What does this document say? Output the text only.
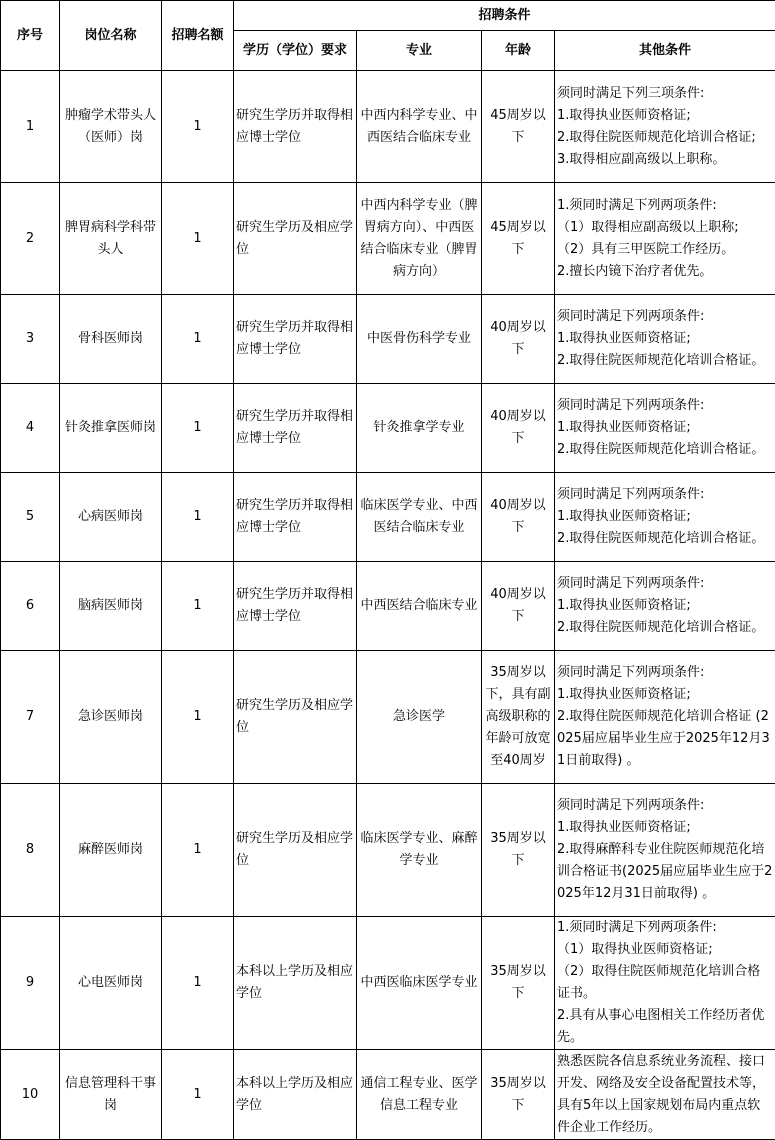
序号	岗位名称	招聘名额	招聘条件			
			学历（学位）要求	专业	年龄	其他条件
1	肿瘤学术带头人（医师）岗	1	研究生学历并取得相应博士学位	中西内科学专业、中西医结合临床专业	45周岁以下	须同时满足下列三项条件:
1.取得执业医师资格证;
2.取得住院医师规范化培训合格证;
3.取得相应副高级以上职称。

2	脾胃病科学科带头人	1	研究生学历及相应学位	中西内科学专业（脾胃病方向）、中西医结合临床专业（脾胃病方向）	45周岁以下	1.须同时满足下列两项条件:
（1）取得相应副高级以上职称;
（2）具有三甲医院工作经历。
2.擅长内镜下治疗者优先。

3	骨科医师岗	1	研究生学历并取得相应博士学位	中医骨伤科学专业	40周岁以下	须同时满足下列两项条件:
1.取得执业医师资格证;
2.取得住院医师规范化培训合格证。

4	针灸推拿医师岗	1	研究生学历并取得相应博士学位	针灸推拿学专业	40周岁以下	须同时满足下列两项条件:
1.取得执业医师资格证;
2.取得住院医师规范化培训合格证。

5	心病医师岗	1	研究生学历并取得相应博士学位	临床医学专业、中西医结合临床专业	40周岁以下	须同时满足下列两项条件:
1.取得执业医师资格证;
2.取得住院医师规范化培训合格证。

6	脑病医师岗	1	研究生学历并取得相应博士学位	中西医结合临床专业	40周岁以下	须同时满足下列两项条件:
1.取得执业医师资格证;
2.取得住院医师规范化培训合格证。

7	急诊医师岗	1	研究生学历及相应学位	急诊医学	35周岁以下，具有副高级职称的年龄可放宽至40周岁	须同时满足下列两项条件:
1.取得执业医师资格证;
2.取得住院医师规范化培训合格证 (2025届应届毕业生应于2025年12月31日前取得) 。

8	麻醉医师岗	1	研究生学历及相应学位	临床医学专业、麻醉学专业	35周岁以下	须同时满足下列两项条件:
1.取得执业医师资格证;
2.取得麻醉科专业住院医师规范化培训合格证书(2025届应届毕业生应于2025年12月31日前取得) 。

9	心电医师岗	1	本科以上学历及相应学位	中西医临床医学专业	35周岁以下	1.须同时满足下列两项条件:
（1）取得执业医师资格证;
（2）取得住院医师规范化培训合格证书。
2.具有从事心电图相关工作经历者优先。

10	信息管理科干事岗	1	本科以上学历及相应学位	通信工程专业、医学信息工程专业	35周岁以下	熟悉医院各信息系统业务流程、接口开发、网络及安全设备配置技术等，具有5年以上国家规划布局内重点软件企业工作经历。
